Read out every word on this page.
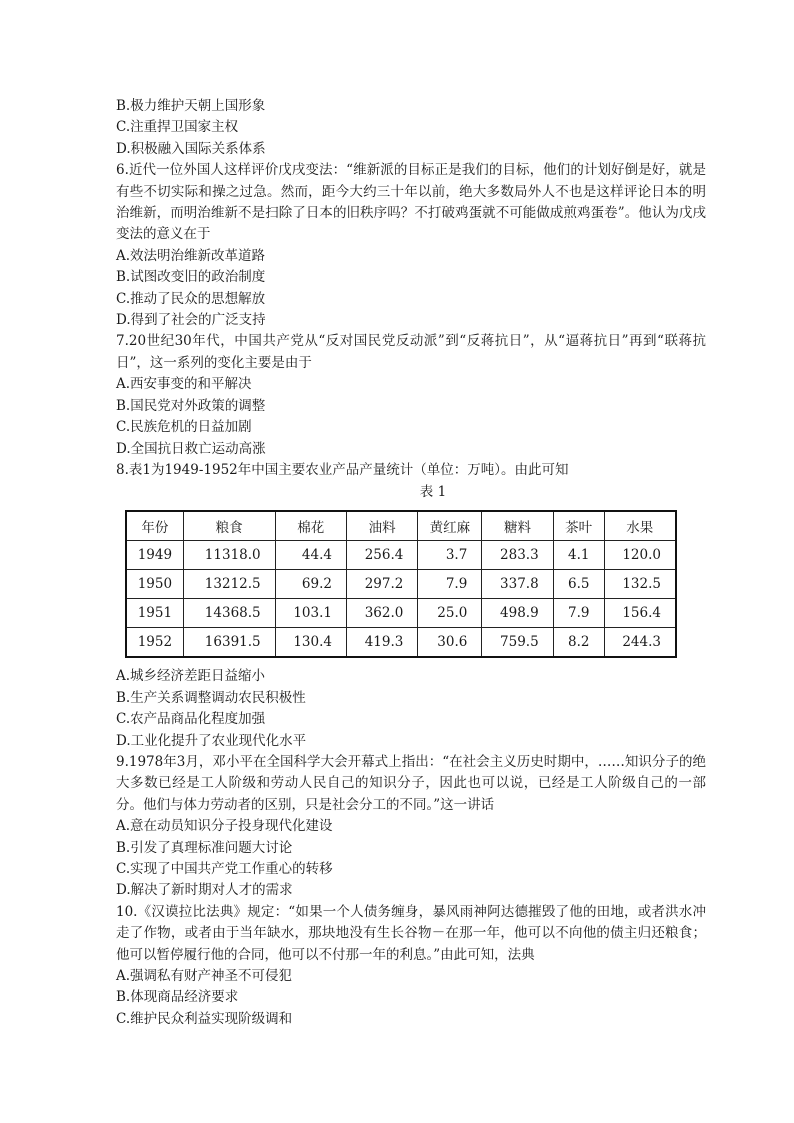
B.极力维护天朝上国形象
C.注重捍卫国家主权
D.积极融入国际关系体系
6.近代一位外国人这样评价戊戌变法：“维新派的目标正是我们的目标，他们的计划好倒是好，就是有些不切实际和操之过急。然而，距今大约三十年以前，绝大多数局外人不也是这样评论日本的明治维新，而明治维新不是扫除了日本的旧秩序吗？不打破鸡蛋就不可能做成煎鸡蛋卷”。他认为戊戌变法的意义在于
A.效法明治维新改革道路
B.试图改变旧的政治制度
C.推动了民众的思想解放
D.得到了社会的广泛支持
7.20世纪30年代，中国共产党从“反对国民党反动派”到“反蒋抗日”，从“逼蒋抗日”再到“联蒋抗日”，这一系列的变化主要是由于
A.西安事变的和平解决
B.国民党对外政策的调整
C.民族危机的日益加剧
D.全国抗日救亡运动高涨
8.表1为1949-1952年中国主要农业产品产量统计（单位：万吨）。由此可知
表 1
年份	粮食	棉花	油料	黄红麻	糖料	茶叶	水果
1949	11318.0	44.4	256.4	3.7	283.3	4.1	120.0
1950	13212.5	69.2	297.2	7.9	337.8	6.5	132.5
1951	14368.5	103.1	362.0	25.0	498.9	7.9	156.4
1952	16391.5	130.4	419.3	30.6	759.5	8.2	244.3
A.城乡经济差距日益缩小
B.生产关系调整调动农民积极性
C.农产品商品化程度加强
D.工业化提升了农业现代化水平
9.1978年3月，邓小平在全国科学大会开幕式上指出：“在社会主义历史时期中，……知识分子的绝大多数已经是工人阶级和劳动人民自己的知识分子，因此也可以说，已经是工人阶级自己的一部分。他们与体力劳动者的区别，只是社会分工的不同。”这一讲话
A.意在动员知识分子投身现代化建设
B.引发了真理标准问题大讨论
C.实现了中国共产党工作重心的转移
D.解决了新时期对人才的需求
10.《汉谟拉比法典》规定：“如果一个人债务缠身，暴风雨神阿达德摧毁了他的田地，或者洪水冲走了作物，或者由于当年缺水，那块地没有生长谷物－在那一年，他可以不向他的债主归还粮食；他可以暂停履行他的合同，他可以不付那一年的利息。”由此可知，法典
A.强调私有财产神圣不可侵犯
B.体现商品经济要求
C.维护民众利益实现阶级调和
